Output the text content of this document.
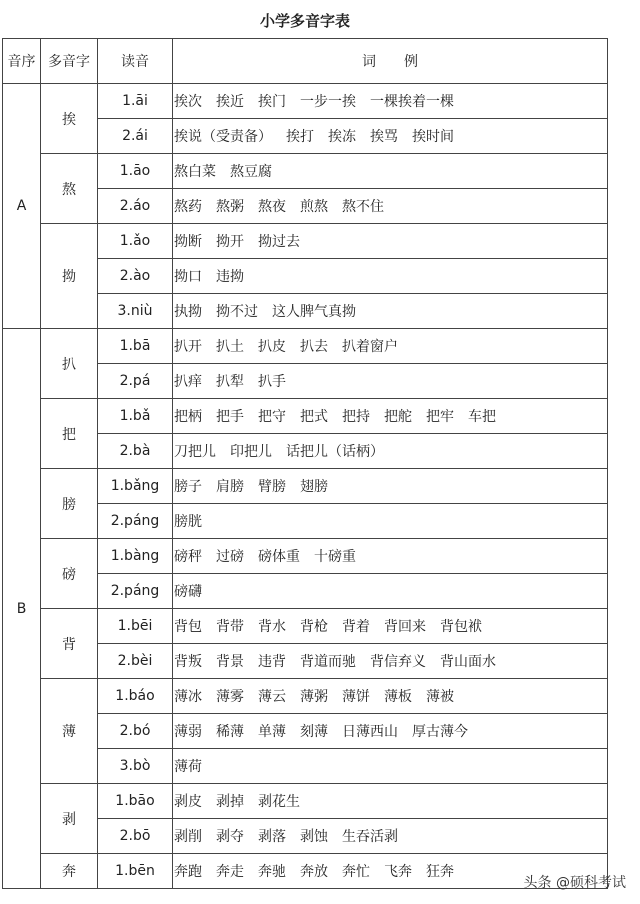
小学多音字表
音序	多音字	读音	词　　例
A	挨	1.āi	挨次 挨近 挨门 一步一挨 一棵挨着一棵
		2.ái	挨说（受责备） 挨打 挨冻 挨骂 挨时间
	熬	1.āo	熬白菜 熬豆腐
		2.áo	熬药 熬粥 熬夜 煎熬 熬不住
	拗	1.ǎo	拗断 拗开 拗过去
		2.ào	拗口 违拗
		3.niù	执拗 拗不过 这人脾气真拗
B	扒	1.bā	扒开 扒土 扒皮 扒去 扒着窗户
		2.pá	扒痒 扒犁 扒手
	把	1.bǎ	把柄 把手 把守 把式 把持 把舵 把牢 车把
		2.bà	刀把儿 印把儿 话把儿（话柄）
	膀	1.bǎng	膀子 肩膀 臂膀 翅膀
		2.páng	膀胱
	磅	1.bàng	磅秤 过磅 磅体重 十磅重
		2.páng	磅礴
	背	1.bēi	背包 背带 背水 背枪 背着 背回来 背包袱
		2.bèi	背叛 背景 违背 背道而驰 背信弃义 背山面水
	薄	1.báo	薄冰 薄雾 薄云 薄粥 薄饼 薄板 薄被
		2.bó	薄弱 稀薄 单薄 刻薄 日薄西山 厚古薄今
		3.bò	薄荷
	剥	1.bāo	剥皮 剥掉 剥花生
		2.bō	剥削 剥夺 剥落 剥蚀 生吞活剥
	奔	1.bēn	奔跑 奔走 奔驰 奔放 奔忙 飞奔 狂奔
头条 @硕科考试
